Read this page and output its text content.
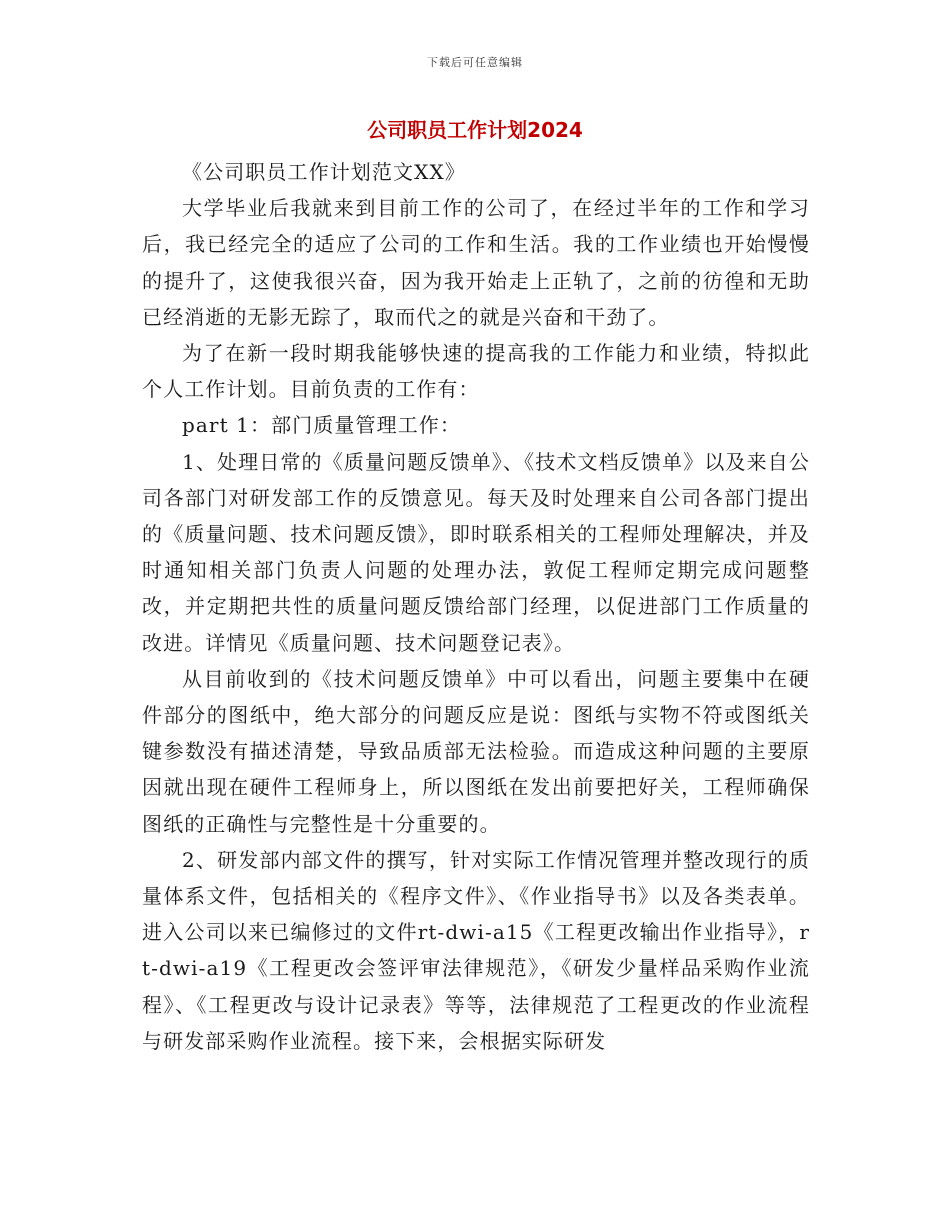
下载后可任意编辑
公司职员工作计划2024

《公司职员工作计划范文XX》

大学毕业后我就来到目前工作的公司了，在经过半年的工作和学习后，我已经完全的适应了公司的工作和生活。我的工作业绩也开始慢慢的提升了，这使我很兴奋，因为我开始走上正轨了，之前的彷徨和无助已经消逝的无影无踪了，取而代之的就是兴奋和干劲了。

为了在新一段时期我能够快速的提高我的工作能力和业绩，特拟此个人工作计划。目前负责的工作有：

part 1：部门质量管理工作：

1、处理日常的《质量问题反馈单》、《技术文档反馈单》以及来自公司各部门对研发部工作的反馈意见。每天及时处理来自公司各部门提出的《质量问题、技术问题反馈》，即时联系相关的工程师处理解决，并及时通知相关部门负责人问题的处理办法，敦促工程师定期完成问题整改，并定期把共性的质量问题反馈给部门经理，以促进部门工作质量的改进。详情见《质量问题、技术问题登记表》。

从目前收到的《技术问题反馈单》中可以看出，问题主要集中在硬件部分的图纸中，绝大部分的问题反应是说：图纸与实物不符或图纸关键参数没有描述清楚，导致品质部无法检验。而造成这种问题的主要原因就出现在硬件工程师身上，所以图纸在发出前要把好关，工程师确保图纸的正确性与完整性是十分重要的。

2、研发部内部文件的撰写，针对实际工作情况管理并整改现行的质量体系文件，包括相关的《程序文件》、《作业指导书》以及各类表单。进入公司以来已编修过的文件rt-dwi-a15《工程更改输出作业指导》，rt-dwi-a19《工程更改会签评审法律规范》，《研发少量样品采购作业流程》、《工程更改与设计记录表》等等，法律规范了工程更改的作业流程与研发部采购作业流程。接下来，会根据实际研发
